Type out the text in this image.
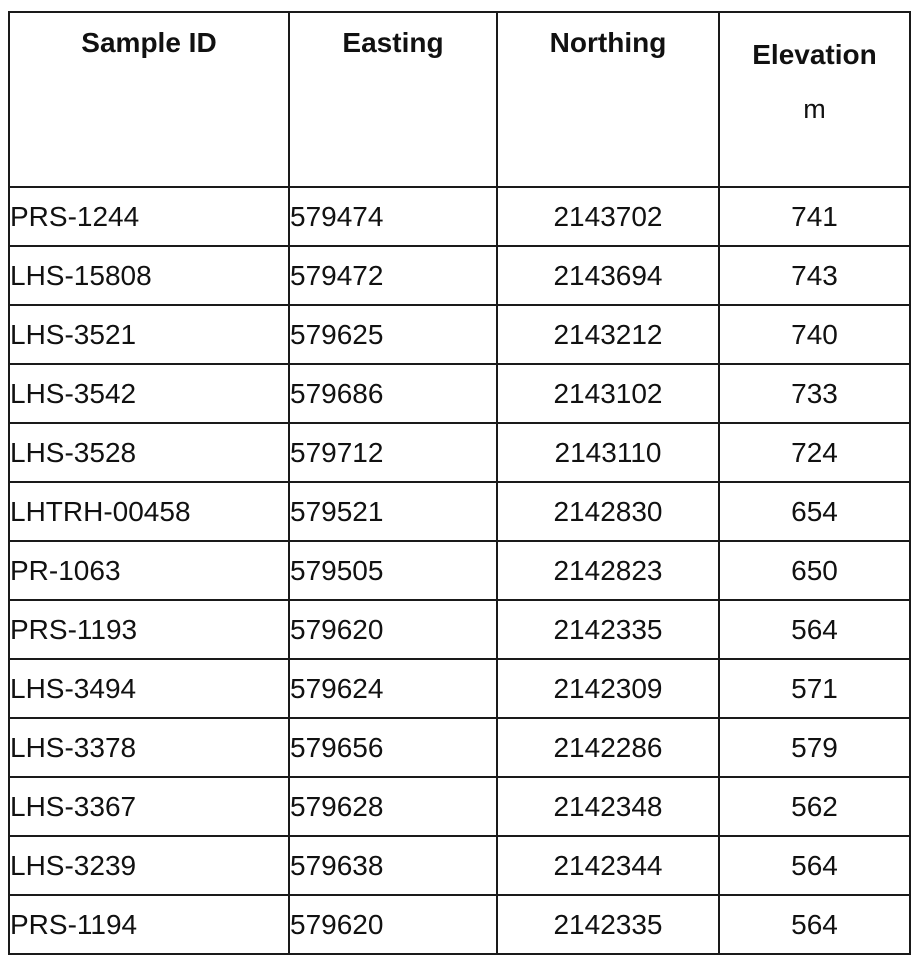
Sample ID	Easting	Northing	Elevation
m

PRS-1244	579474	2143702	741
LHS-15808	579472	2143694	743
LHS-3521	579625	2143212	740
LHS-3542	579686	2143102	733
LHS-3528	579712	2143110	724
LHTRH-00458	579521	2142830	654
PR-1063	579505	2142823	650
PRS-1193	579620	2142335	564
LHS-3494	579624	2142309	571
LHS-3378	579656	2142286	579
LHS-3367	579628	2142348	562
LHS-3239	579638	2142344	564
PRS-1194	579620	2142335	564
